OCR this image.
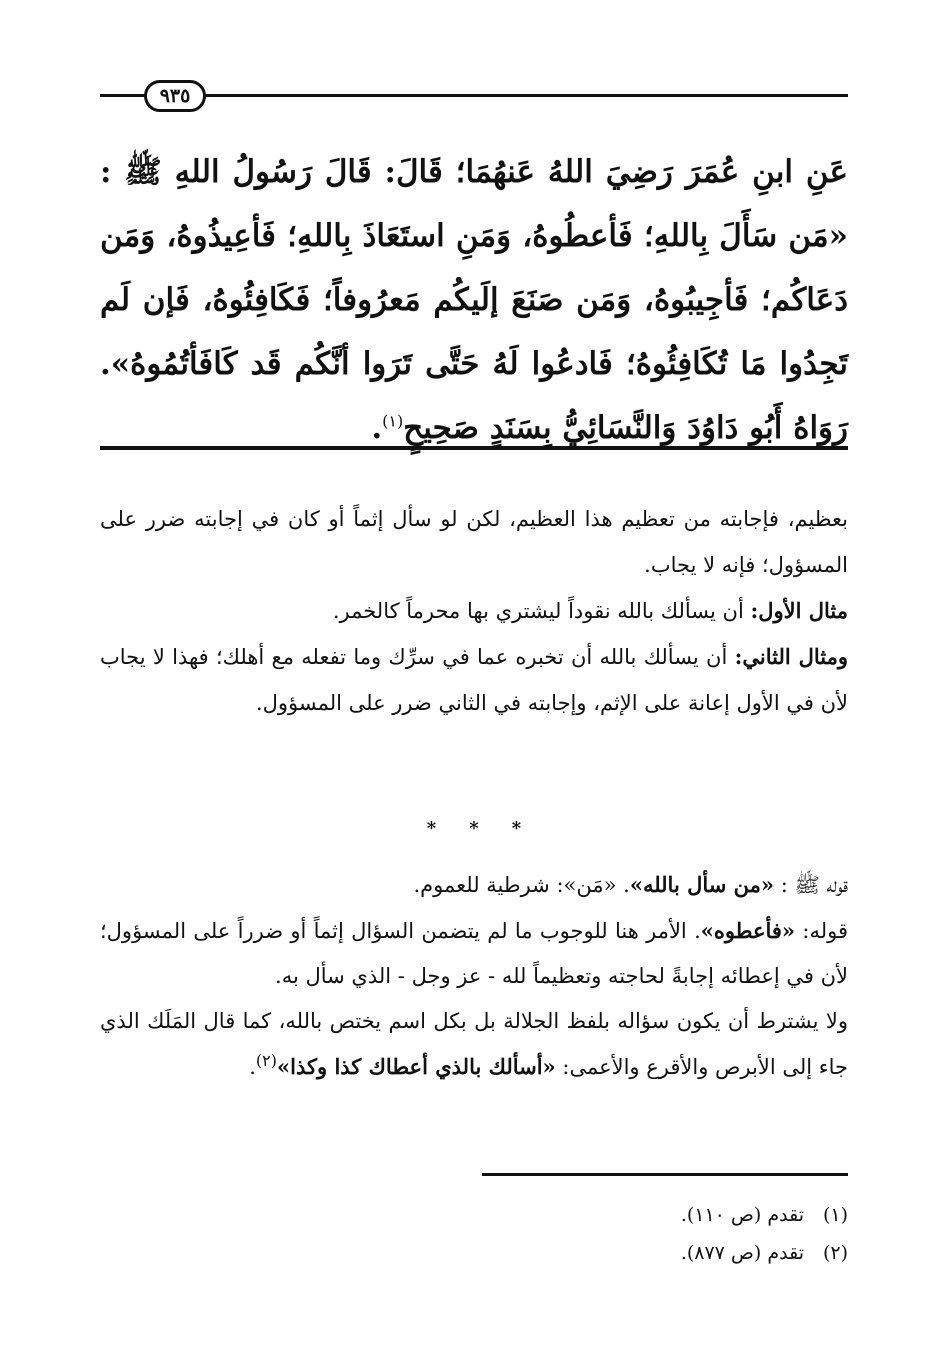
٩٣٥

عَنِ ابنِ عُمَرَ رَضِيَ اللهُ عَنهُمَا؛ قَالَ: قَالَ رَسُولُ اللهِ ﷺ : «مَن سَأَلَ بِاللهِ؛ فَأعطُوهُ، وَمَنِ استَعَاذَ بِاللهِ؛ فَأعِيذُوهُ، وَمَن دَعَاكُم؛ فَأجِيبُوهُ، وَمَن صَنَعَ إلَيكُم مَعرُوفاً؛ فَكَافِئُوهُ، فَإن لَم تَجِدُوا مَا تُكَافِئُوهُ؛ فَادعُوا لَهُ حَتَّى تَرَوا أنَّكُم قَد كَافَأتُمُوهُ». رَوَاهُ أَبُو دَاوُدَ وَالنَّسَائِيُّ بِسَنَدٍ صَحِيحٍ$^{(١)}$.

بعظيم، فإجابته من تعظيم هذا العظيم، لكن لو سأل إثماً أو كان في إجابته ضرر على المسؤول؛ فإنه لا يجاب.

مثال الأول: أن يسألك بالله نقوداً ليشتري بها محرماً كالخمر.

ومثال الثاني: أن يسألك بالله أن تخبره عما في سرِّك وما تفعله مع أهلك؛ فهذا لا يجاب لأن في الأول إعانة على الإثم، وإجابته في الثاني ضرر على المسؤول.

* * *

قوله ﷺ : «من سأل بالله». «مَن»: شرطية للعموم.

قوله: «فأعطوه». الأمر هنا للوجوب ما لم يتضمن السؤال إثماً أو ضرراً على المسؤول؛ لأن في إعطائه إجابةً لحاجته وتعظيماً لله - عز وجل - الذي سأل به.

ولا يشترط أن يكون سؤاله بلفظ الجلالة بل بكل اسم يختص بالله، كما قال المَلَك الذي جاء إلى الأبرص والأقرع والأعمى: «أسألك بالذي أعطاك كذا وكذا»$^{(٢)}$.

(١)تقدم (ص ١١٠).
(٢)تقدم (ص ٨٧٧).
